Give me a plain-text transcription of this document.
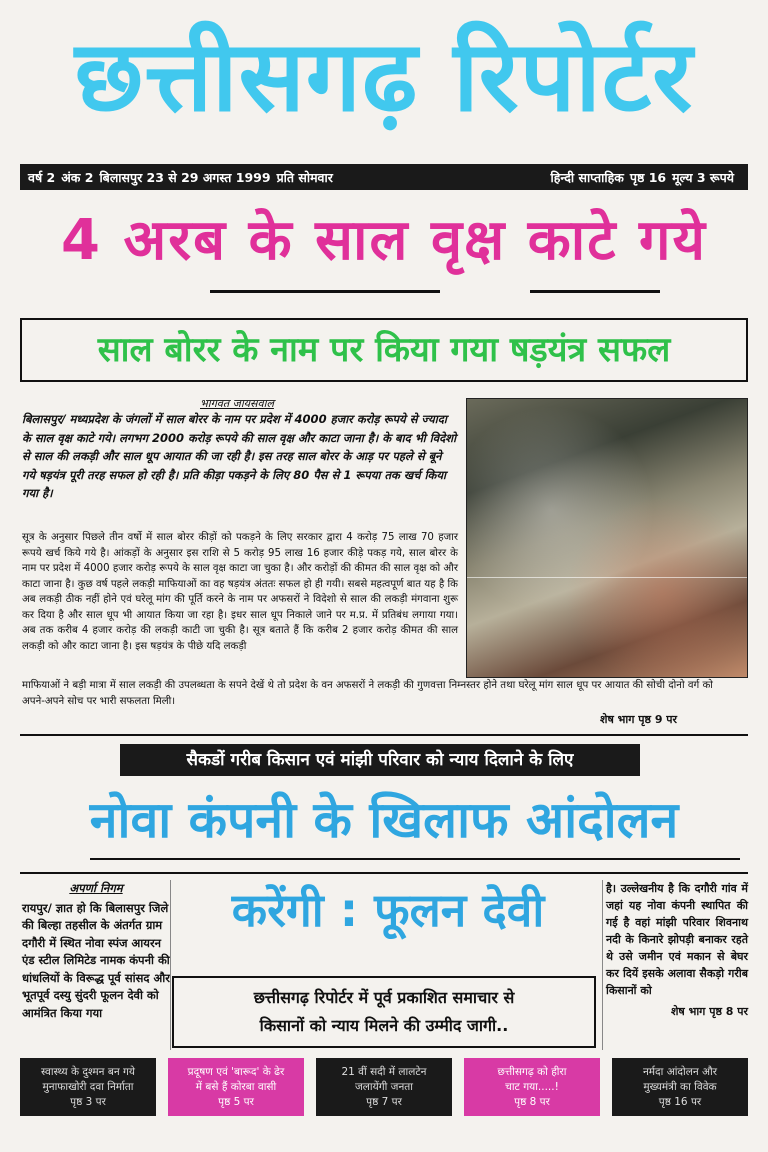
छत्तीसगढ़ रिपोर्टर
वर्ष 2 अंक 2 बिलासपुर 23 से 29 अगस्त 1999 प्रति सोमवार	हिन्दी साप्ताहिक पृष्ठ 16 मूल्य 3 रूपये
4 अरब के साल वृक्ष काटे गये
साल बोरर के नाम पर किया गया षड़यंत्र सफल
भागवत जायसवाल
बिलासपुर/ मध्यप्रदेश के जंगलों में साल बोरर के नाम पर प्रदेश में 4000 हजार करोड़ रूपये से ज्यादा के साल वृक्ष काटे गये। लगभग 2000 करोड़ रूपये की साल वृक्ष और काटा जाना है। के बाद भी विदेशो से साल की लकड़ी और साल धूप आयात की जा रही है। इस तरह साल बोरर के आड़ पर पहले से बूने गये षड़यंत्र पूरी तरह सफल हो रही है। प्रति कीड़ा पकड़ने के लिए 80 पैस से 1 रूपया तक खर्च किया गया है।
सूत्र के अनुसार पिछले तीन वर्षो में साल बोरर कीड़ों को पकड़ने के लिए सरकार द्वारा 4 करोड़ 75 लाख 70 हजार रूपये खर्च किये गये है। आंकड़ों के अनुसार इस राशि से 5 करोड़ 95 लाख 16 हजार कीड़े पकड़ गये, साल बोरर के नाम पर प्रदेश में 4000 हजार करोड़ रूपये के साल वृक्ष काटा जा चुका है। और करोड़ों की कीमत की साल वृक्ष को और काटा जाना है। कुछ वर्ष पहले लकड़ी माफियाओं का वह षड़यंत्र अंततः सफल हो ही गयी। सबसे महत्वपूर्ण बात यह है कि अब लकड़ी ठीक नहीं होने एवं घरेलू मांग की पूर्ति करने के नाम पर अफसरों ने विदेशो से साल की लकड़ी मंगवाना शुरू कर दिया है और साल धूप भी आयात किया जा रहा है। इधर साल धूप निकाले जाने पर म.प्र. में प्रतिबंध लगाया गया। अब तक करीब 4 हजार करोड़ की लकड़ी काटी जा चुकी है। सूत्र बताते हैं कि करीब 2 हजार करोड़ कीमत की साल लकड़ी को और काटा जाना है। इस षड़यंत्र के पीछे यदि लकड़ी
माफियाओं ने बड़ी मात्रा में साल लकड़ी की उपलब्धता के सपने देखें थे तो प्रदेश के वन अफसरों ने लकड़ी की गुणवत्ता निम्नस्तर होने तथा घरेलू मांग साल धूप पर आयात की सोची दोनो वर्ग को अपने-अपने सोच पर भारी सफलता मिली।
शेष भाग पृष्ठ 9 पर
सैकडों गरीब किसान एवं मांझी परिवार को न्याय दिलाने के लिए
नोवा कंपनी के खिलाफ आंदोलन
अपर्णा निगम
रायपुर/ ज्ञात हो कि बिलासपुर जिले की बिल्हा तहसील के अंतर्गत ग्राम दगौरी में स्थित नोवा स्पंज आयरन एंड स्टील लिमिटेड नामक कंपनी की धांधलियों के विरूद्ध पूर्व सांसद और भूतपूर्व दस्यु सुंदरी फूलन देवी को आमंत्रित किया गया
करेंगी : फूलन देवी
छत्तीसगढ़ रिपोर्टर में पूर्व प्रकाशित समाचार से
किसानों को न्याय मिलने की उम्मीद जागी..
है। उल्लेखनीय है कि दगौरी गांव में जहां यह नोवा कंपनी स्थापित की गई है वहां मांझी परिवार शिवनाथ नदी के किनारे झोपड़ी बनाकर रहते थे उसे जमीन एवं मकान से बेघर कर दियें इसके अलावा सैकड़ो गरीब किसानों को
शेष भाग पृष्ठ 8 पर
स्वास्थ्य के दुश्मन बन गये
मुनाफाखोरी दवा निर्माता
पृष्ठ 3 पर
प्रदूषण एवं 'बारूद' के ढेर
में बसे हैं कोरबा वासी
पृष्ठ 5 पर
21 वीं सदी में लालटेन
जलायेंगी जनता
पृष्ठ 7 पर
छत्तीसगढ़ को हीरा
चाट गया.....!
पृष्ठ 8 पर
नर्मदा आंदोलन और
मुख्यमंत्री का विवेक
पृष्ठ 16 पर
